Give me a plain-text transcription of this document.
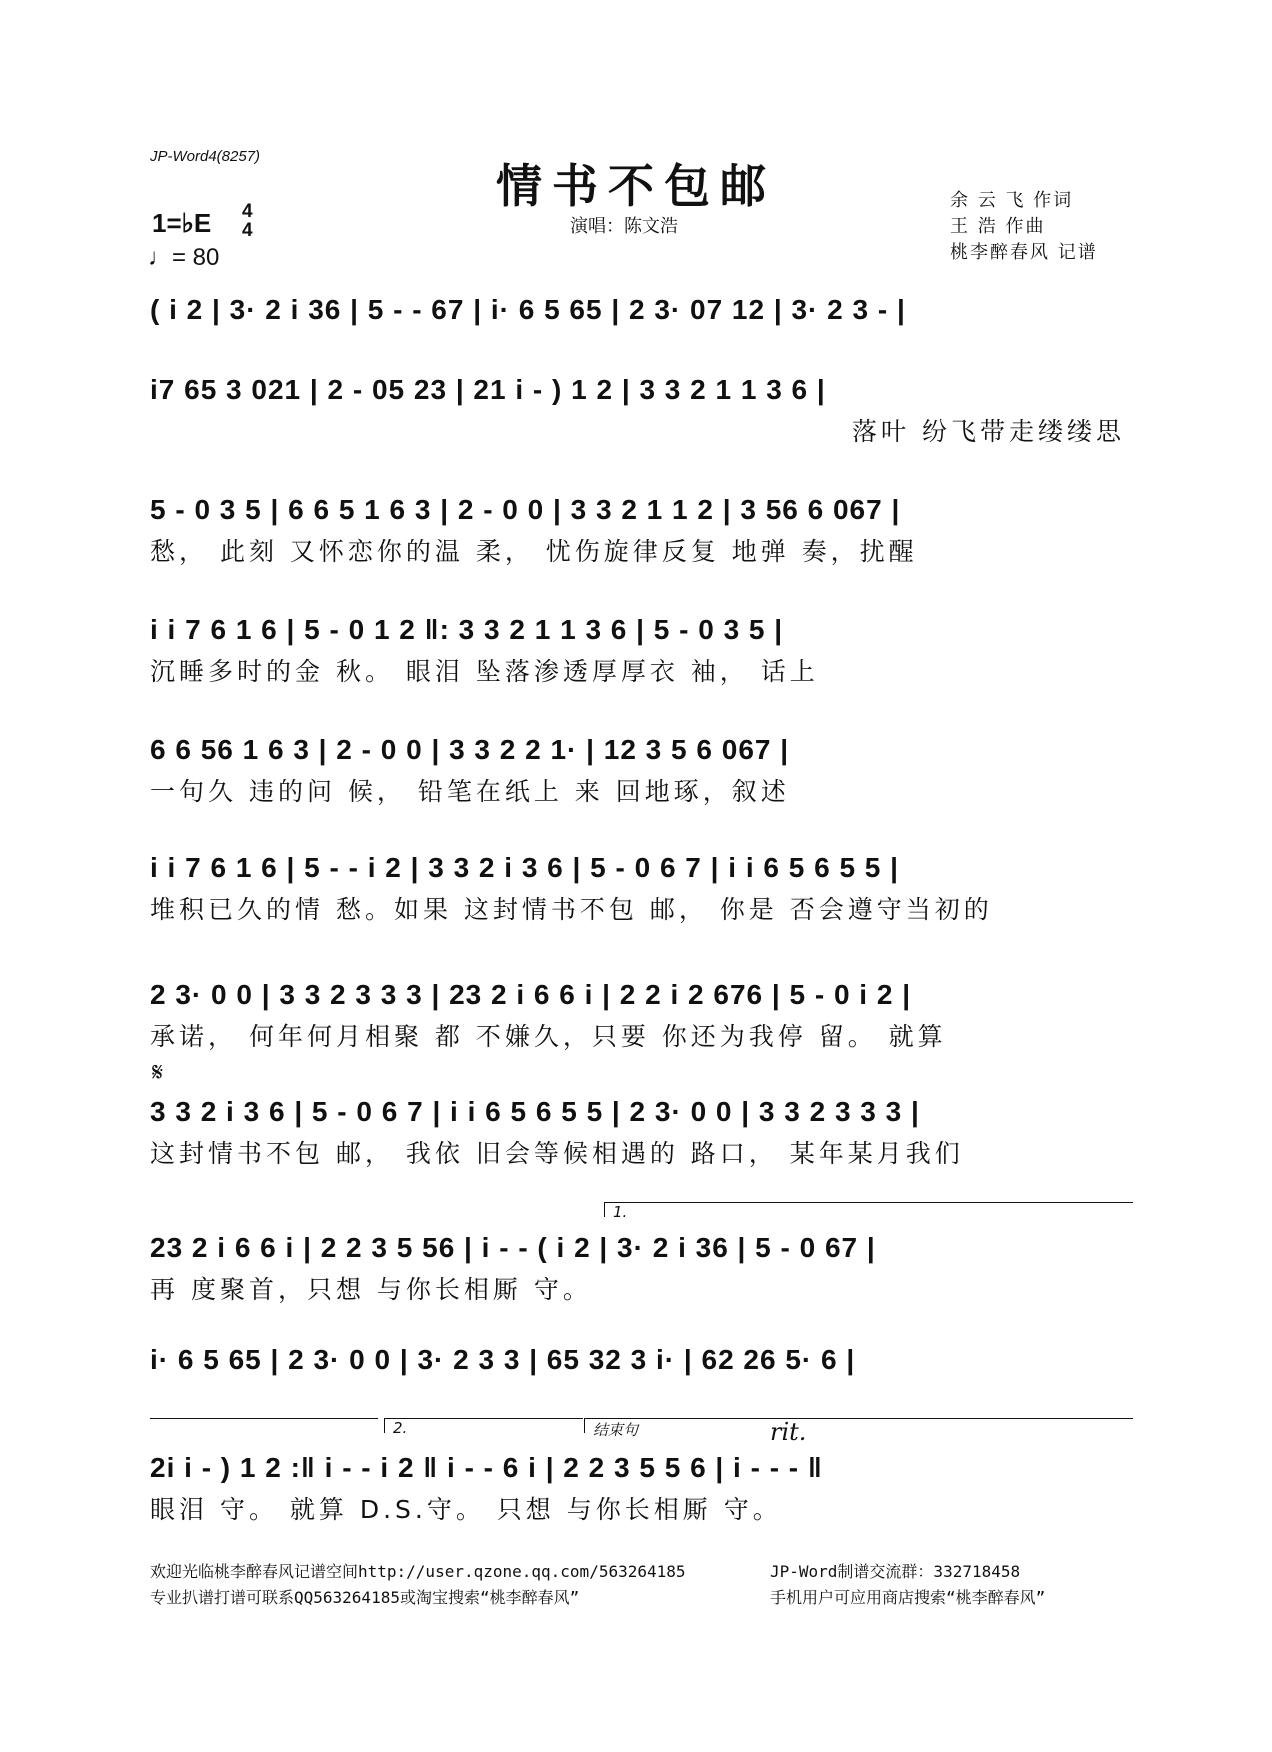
JP-Word4(8257)
情书不包邮
演唱：陈文浩
余 云 飞 作词
王 浩 作曲
桃李醉春风 记谱
1=♭E 4
4
♩= 80
( i 2 | 3· 2 i 36 | 5 - - 67 | i· 6 5 65 | 2 3· 07 12 | 3· 2 3 - |
i7 65 3 021 | 2 - 05 23 | 21 i - ) 1 2 | 3 3 2 1 1 3 6 |
落叶 纷飞带走缕缕思
5 - 0 3 5 | 6 6 5 1 6 3 | 2 - 0 0 | 3 3 2 1 1 2 | 3 56 6 067 |
愁， 此刻 又怀恋你的温 柔， 忧伤旋律反复 地弹 奏，扰醒
i i 7 6 1 6 | 5 - 0 1 2 ‖: 3 3 2 1 1 3 6 | 5 - 0 3 5 |
沉睡多时的金 秋。 眼泪 坠落渗透厚厚衣 袖， 话上
6 6 56 1 6 3 | 2 - 0 0 | 3 3 2 2 1· | 12 3 5 6 067 |
一句久 违的问 候， 铅笔在纸上 来 回地琢，叙述
i i 7 6 1 6 | 5 - - i 2 | 3 3 2 i 3 6 | 5 - 0 6 7 | i i 6 5 6 5 5 |
堆积已久的情 愁。如果 这封情书不包 邮， 你是 否会遵守当初的
2 3· 0 0 | 3 3 2 3 3 3 | 23 2 i 6 6 i | 2 2 i 2 676 | 5 - 0 i 2 |
承诺， 何年何月相聚 都 不嫌久，只要 你还为我停 留。 就算
𝄋
3 3 2 i 3 6 | 5 - 0 6 7 | i i 6 5 6 5 5 | 2 3· 0 0 | 3 3 2 3 3 3 |
这封情书不包 邮， 我依 旧会等候相遇的 路口， 某年某月我们
1.
23 2 i 6 6 i | 2 2 3 5 56 | i - - ( i 2 | 3· 2 i 36 | 5 - 0 67 |
再 度聚首，只想 与你长相厮 守。
i· 6 5 65 | 2 3· 0 0 | 3· 2 3 3 | 65 32 3 i· | 62 26 5· 6 |
2.	结束句	rit.
2i i - ) 1 2 :‖ i - - i 2 ‖ i - - 6 i | 2 2 3 5 5 6 | i - - - ‖
眼泪 守。 就算 D.S.守。 只想 与你长相厮 守。
欢迎光临桃李醉春风记谱空间http://user.qzone.qq.com/563264185	JP-Word制谱交流群：332718458
专业扒谱打谱可联系QQ563264185或淘宝搜索“桃李醉春风”	手机用户可应用商店搜索“桃李醉春风”
